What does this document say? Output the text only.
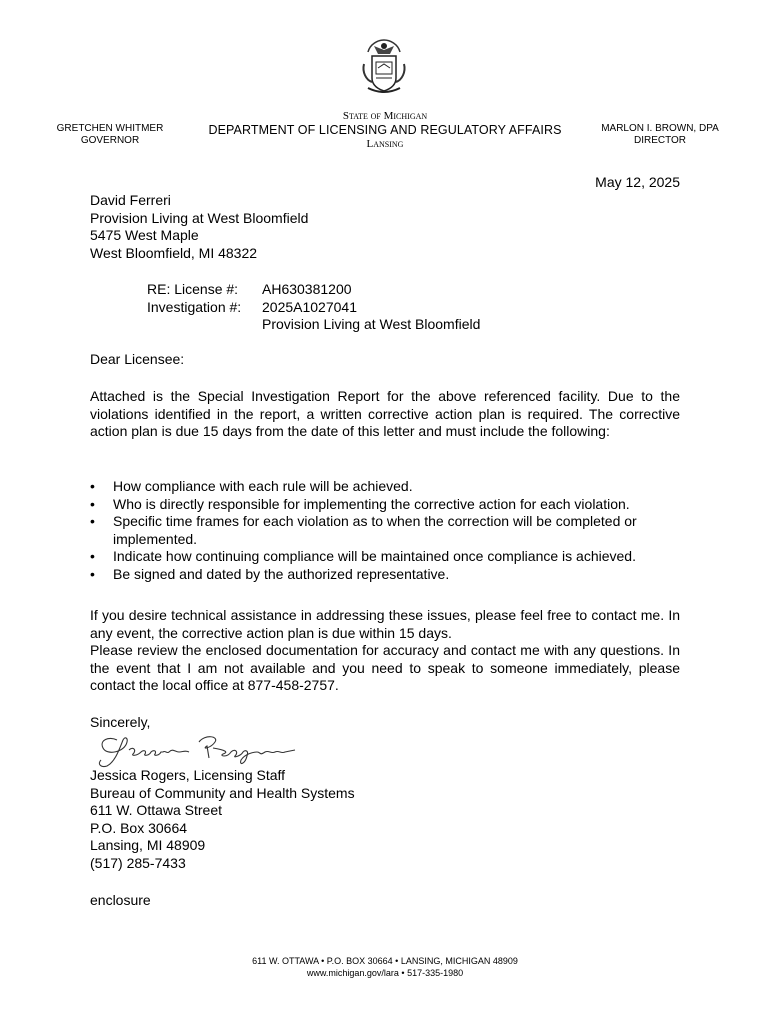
GRETCHEN WHITMER
GOVERNOR
State of Michigan
DEPARTMENT OF LICENSING AND REGULATORY AFFAIRS
Lansing
MARLON I. BROWN, DPA
DIRECTOR
May 12, 2025
David Ferreri
Provision Living at West Bloomfield
5475 West Maple
West Bloomfield, MI 48322
RE: License #:	AH630381200
Investigation #:	2025A1027041
Provision Living at West Bloomfield
Dear Licensee:
Attached is the Special Investigation Report for the above referenced facility. Due to the violations identified in the report, a written corrective action plan is required. The corrective action plan is due 15 days from the date of this letter and must include the following:
• How compliance with each rule will be achieved.
• Who is directly responsible for implementing the corrective action for each violation.
• Specific time frames for each violation as to when the correction will be completed or implemented.
• Indicate how continuing compliance will be maintained once compliance is achieved.
• Be signed and dated by the authorized representative.
If you desire technical assistance in addressing these issues, please feel free to contact me. In any event, the corrective action plan is due within 15 days.
Please review the enclosed documentation for accuracy and contact me with any questions. In the event that I am not available and you need to speak to someone immediately, please contact the local office at 877-458-2757.
Sincerely,
Jessica Rogers, Licensing Staff
Bureau of Community and Health Systems
611 W. Ottawa Street
P.O. Box 30664
Lansing, MI 48909
(517) 285-7433
enclosure
611 W. OTTAWA • P.O. BOX 30664 • LANSING, MICHIGAN 48909
www.michigan.gov/lara • 517-335-1980
